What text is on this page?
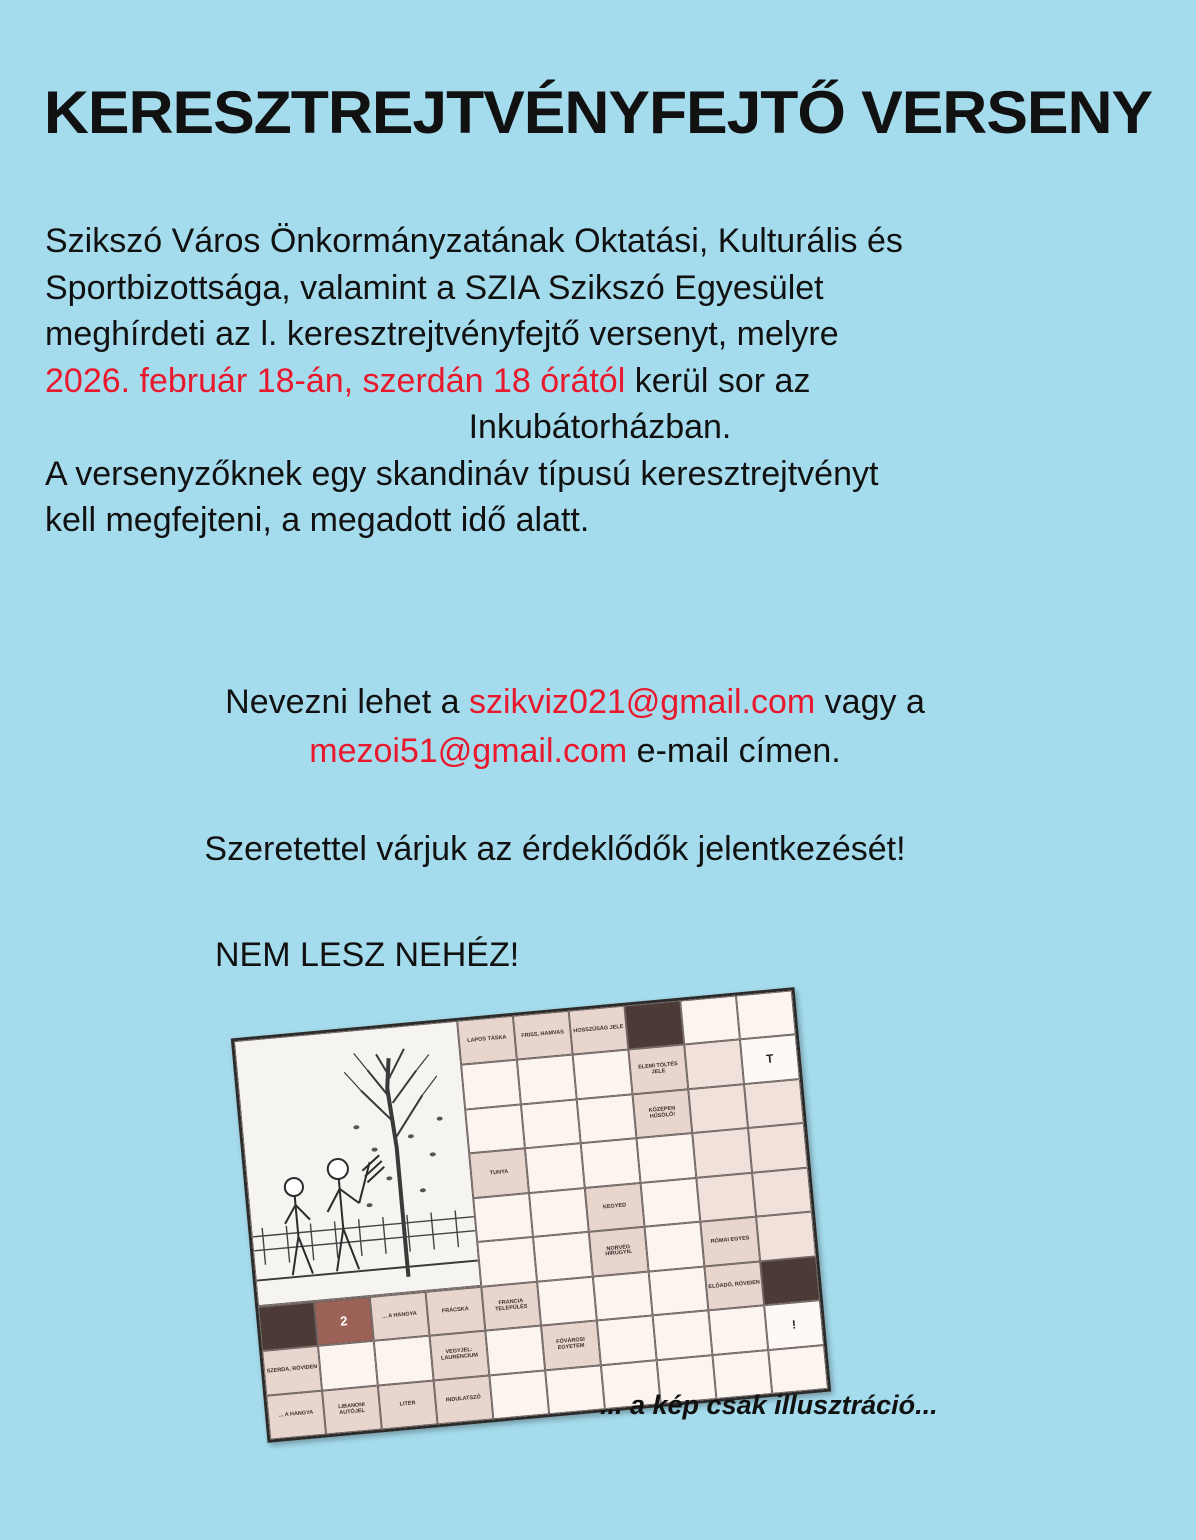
KERESZTREJTVÉNYFEJTŐ VERSENY
Szikszó Város Önkormányzatának Oktatási, Kulturális és
Sportbizottsága, valamint a SZIA Szikszó Egyesület
meghírdeti az l. keresztrejtvényfejtő versenyt, melyre
2026. február 18-án, szerdán 18 órától kerül sor az
Inkubátorházban.
A versenyzőknek egy skandináv típusú keresztrejtvényt
kell megfejteni, a megadott idő alatt.
Nevezni lehet a szikviz021@gmail.com vagy a
mezoi51@gmail.com e-mail címen.
Szeretettel várjuk az érdeklődők jelentkezését!
NEM LESZ NEHÉZ!
LAPOS TÁSKA
FRISS, HAMVAS	HOSSZÚSÁG JELE
ELEMI TÖLTÉS JELE
T
KÖZÉPEN HŰSÖLŐ!
TUNYA
KEGYED
NORVÉG HÍRÜGYN.
RÓMAI EGYES
2	... A HANGYA
FRÁCSKA
FRANCIA TELEPÜLÉS
ELŐADÓ, RÖVIDEN
SZERDA, RÖVIDEN
VEGYJEL: LAURENCIUM
FŐVÁROSI EGYETEM
!
... A HANGYA
LIBANONI AUTÓJEL
LITER
INDULATSZÓ	... a kép csak illusztráció...
